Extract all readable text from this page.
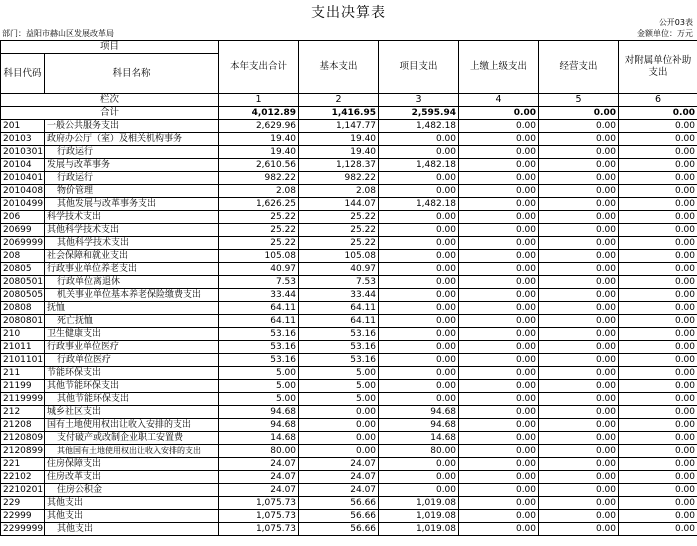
支出决算表
公开03表
部门：益阳市赫山区发展改革局	金额单位：万元
项目		本年支出合计	基本支出	项目支出	上缴上级支出	经营支出	对附属单位补助支出
科目代码	科目名称						
栏次		1	2	3	4	5	6
合计		4,012.89	1,416.95	2,595.94	0.00	0.00	0.00
201	一般公共服务支出	2,629.96	1,147.77	1,482.18	0.00	0.00	0.00
20103	政府办公厅（室）及相关机构事务	19.40	19.40	0.00	0.00	0.00	0.00
2010301	行政运行	19.40	19.40	0.00	0.00	0.00	0.00
20104	发展与改革事务	2,610.56	1,128.37	1,482.18	0.00	0.00	0.00
2010401	行政运行	982.22	982.22	0.00	0.00	0.00	0.00
2010408	物价管理	2.08	2.08	0.00	0.00	0.00	0.00
2010499	其他发展与改革事务支出	1,626.25	144.07	1,482.18	0.00	0.00	0.00
206	科学技术支出	25.22	25.22	0.00	0.00	0.00	0.00
20699	其他科学技术支出	25.22	25.22	0.00	0.00	0.00	0.00
2069999	其他科学技术支出	25.22	25.22	0.00	0.00	0.00	0.00
208	社会保障和就业支出	105.08	105.08	0.00	0.00	0.00	0.00
20805	行政事业单位养老支出	40.97	40.97	0.00	0.00	0.00	0.00
2080501	行政单位离退休	7.53	7.53	0.00	0.00	0.00	0.00
2080505	机关事业单位基本养老保险缴费支出	33.44	33.44	0.00	0.00	0.00	0.00
20808	抚恤	64.11	64.11	0.00	0.00	0.00	0.00
2080801	死亡抚恤	64.11	64.11	0.00	0.00	0.00	0.00
210	卫生健康支出	53.16	53.16	0.00	0.00	0.00	0.00
21011	行政事业单位医疗	53.16	53.16	0.00	0.00	0.00	0.00
2101101	行政单位医疗	53.16	53.16	0.00	0.00	0.00	0.00
211	节能环保支出	5.00	5.00	0.00	0.00	0.00	0.00
21199	其他节能环保支出	5.00	5.00	0.00	0.00	0.00	0.00
2119999	其他节能环保支出	5.00	5.00	0.00	0.00	0.00	0.00
212	城乡社区支出	94.68	0.00	94.68	0.00	0.00	0.00
21208	国有土地使用权出让收入安排的支出	94.68	0.00	94.68	0.00	0.00	0.00
2120809	支付破产或改制企业职工安置费	14.68	0.00	14.68	0.00	0.00	0.00
2120899	其他国有土地使用权出让收入安排的支出	80.00	0.00	80.00	0.00	0.00	0.00
221	住房保障支出	24.07	24.07	0.00	0.00	0.00	0.00
22102	住房改革支出	24.07	24.07	0.00	0.00	0.00	0.00
2210201	住房公积金	24.07	24.07	0.00	0.00	0.00	0.00
229	其他支出	1,075.73	56.66	1,019.08	0.00	0.00	0.00
22999	其他支出	1,075.73	56.66	1,019.08	0.00	0.00	0.00
2299999	其他支出	1,075.73	56.66	1,019.08	0.00	0.00	0.00
